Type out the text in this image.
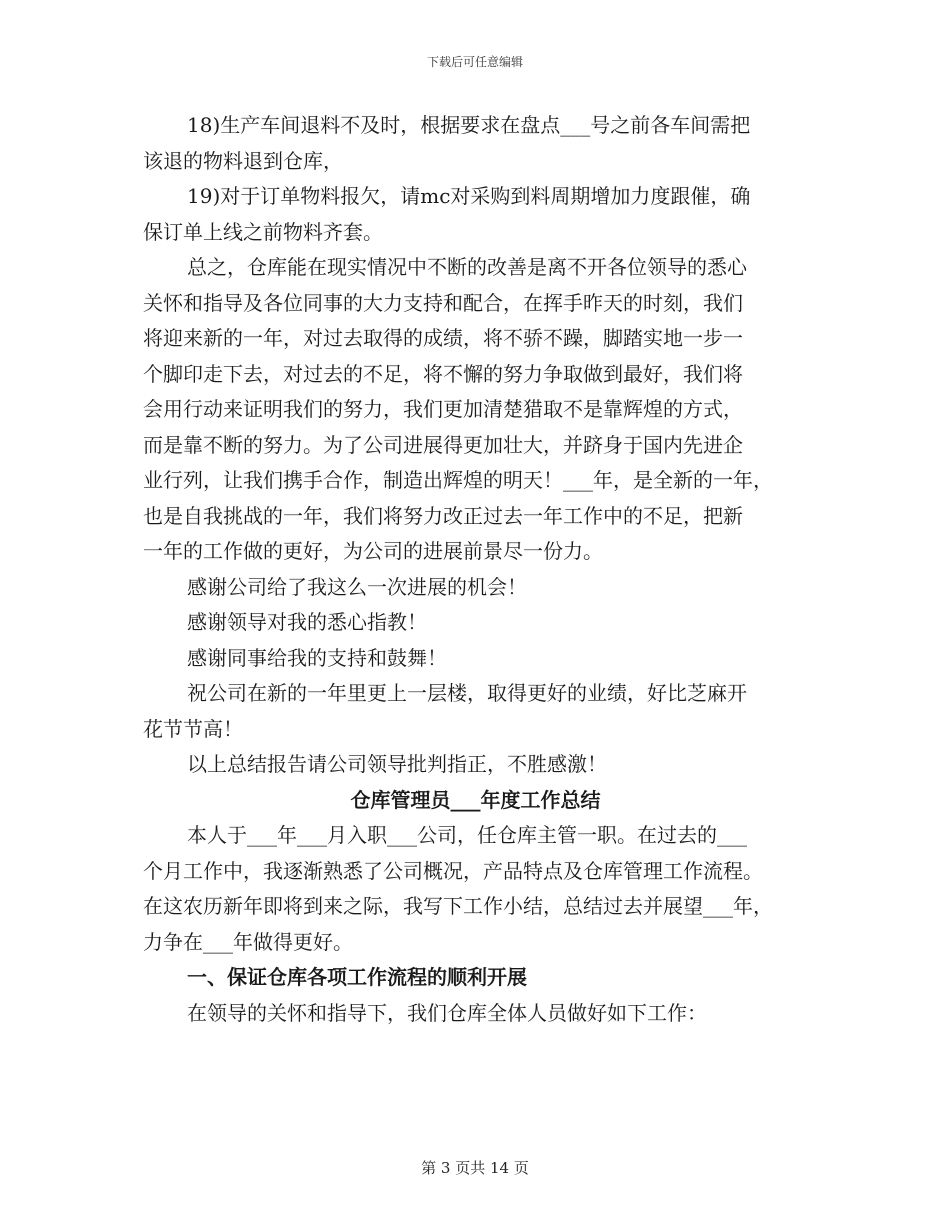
下载后可任意编辑
18)生产车间退料不及时，根据要求在盘点___号之前各车间需把
该退的物料退到仓库，
19)对于订单物料报欠，请mc对采购到料周期增加力度跟催，确
保订单上线之前物料齐套。
总之，仓库能在现实情况中不断的改善是离不开各位领导的悉心
关怀和指导及各位同事的大力支持和配合，在挥手昨天的时刻，我们
将迎来新的一年，对过去取得的成绩，将不骄不躁，脚踏实地一步一
个脚印走下去，对过去的不足，将不懈的努力争取做到最好，我们将
会用行动来证明我们的努力，我们更加清楚猎取不是靠辉煌的方式，
而是靠不断的努力。为了公司进展得更加壮大，并跻身于国内先进企
业行列，让我们携手合作，制造出辉煌的明天！___年，是全新的一年，
也是自我挑战的一年，我们将努力改正过去一年工作中的不足，把新
一年的工作做的更好，为公司的进展前景尽一份力。
感谢公司给了我这么一次进展的机会！
感谢领导对我的悉心指教！
感谢同事给我的支持和鼓舞！
祝公司在新的一年里更上一层楼，取得更好的业绩，好比芝麻开
花节节高！
以上总结报告请公司领导批判指正，不胜感激！
仓库管理员___年度工作总结
本人于___年___月入职___公司，任仓库主管一职。在过去的___
个月工作中，我逐渐熟悉了公司概况，产品特点及仓库管理工作流程。
在这农历新年即将到来之际，我写下工作小结，总结过去并展望___年，
力争在___年做得更好。
一、保证仓库各项工作流程的顺利开展
在领导的关怀和指导下，我们仓库全体人员做好如下工作：
第 3 页共 14 页
